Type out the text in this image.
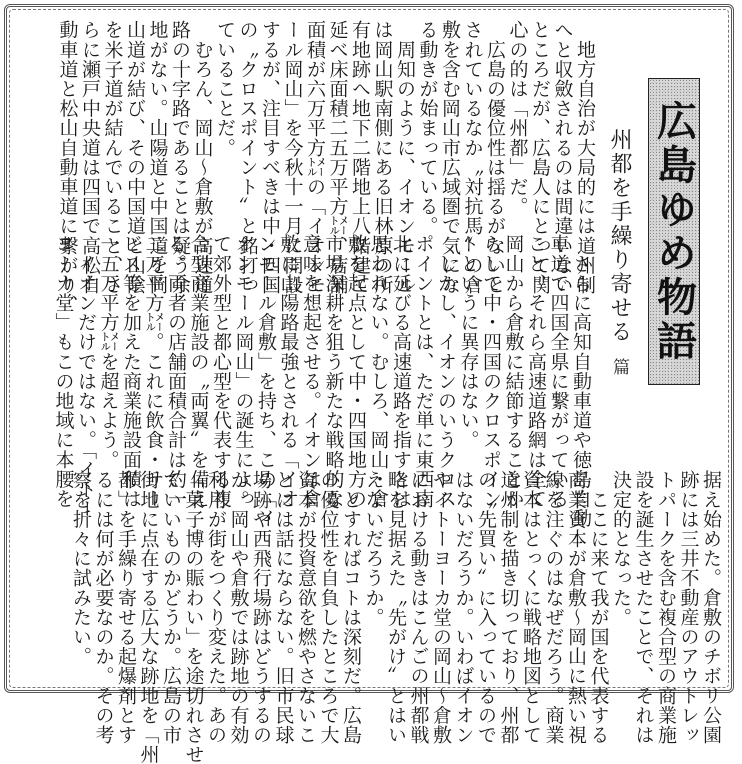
広島ゆめ物語
州都を手繰り寄せる篇
　地方自治が大局的には道州制
へと収斂されるのは間違いない
ところだが、広島人にとって関
心の的は「州都」だ。
　広島の優位性は揺るがないと
されているなか〝対抗馬〟の倉
敷を含む岡山市広域圏で気にな
る動きが始まっている。
　周知のように、イオンモール
は岡山駅南側にある旧林原の所
有地跡へ地下二階地上八階建て
延べ床面積二五万平方㍍、店舗
面積が六万平方㍍の「イオンモ
ール岡山」を今秋十一月に開設
するが、注目すべきは中・四国
の〝クロスポイント〟と銘打っ
ていることだ。
　むろん、岡山～倉敷が高速道
路の十字路であることは疑う余
地がない。山陽道と中国道を岡
山道が結び、その中国道と山陰
を米子道が結んでいること、さ
らに瀬戸中央道は四国で高松自
動車道と松山自動車道に繋がり、
　さらに高知自動車道や徳島自動
車道で四国全県に繋がっている
こと、それら高速道路網は全て
岡山から倉敷に結節することか
らして中・四国のクロスポイン
トというに異存はない。
　しかし、イオンのいうクロス
ポイントとは、ただ単に東西南
北に延びる高速道路を指すとは
思われない。むしろ、岡山・倉
敷を起点として中・四国地方の
市場深耕を狙う新たな戦略的な
意味を想起させる。イオンは倉
敷に山陽路最強とされる「イオ
ンモール倉敷」を持ち、この「イ
オンモール岡山」の誕生によっ
て郊外型と都心型を代表する複
合型商業施設の〝両翼〟を備え
る。両者の店舗面積合計は約一
二万平方㍍。これに飲食・サー
ビス等を加えた商業施設面積は
一五万平方㍍を超えよう。
　イオンだけではない。「イトー
ヨーカ堂」もこの地域に本腰を
据え始めた。倉敷のチボリ公園
跡には三井不動産のアウトレッ
トパークを含む複合型の商業施
設を誕生させたことで、それは
決定的となった。
　ここに来て我が国を代表する
商業資本が倉敷～岡山に熱い視
線を注ぐのはなぜだろう。商業
資本はとっくに戦略地図として
道州制を描き切っており、州都
の〝先買い〟に入っているので
はないだろうか。いわばイオン
やイトーヨーカ堂の岡山～倉敷
における動きはこんごの州都戦
略を見据えた〝先がけ〟とはい
えないだろうか。
　とすればコトは深刻だ。広島
の優位性を自負したところで大
資本が投資意欲を燃やさないこ
とには話にならない。旧市民球
場跡や西飛行場跡はどうするの
か。岡山や倉敷では跡地の有効
利用が街をつくり変えた。あの
「菓子博の賑わい」を途切れさせ
ていいものかどうか。広島の市
街地に点在する広大な跡地を「州
都」を手繰り寄せる起爆剤とす
るには何が必要なのか。その考
察を折々に試みたい。
